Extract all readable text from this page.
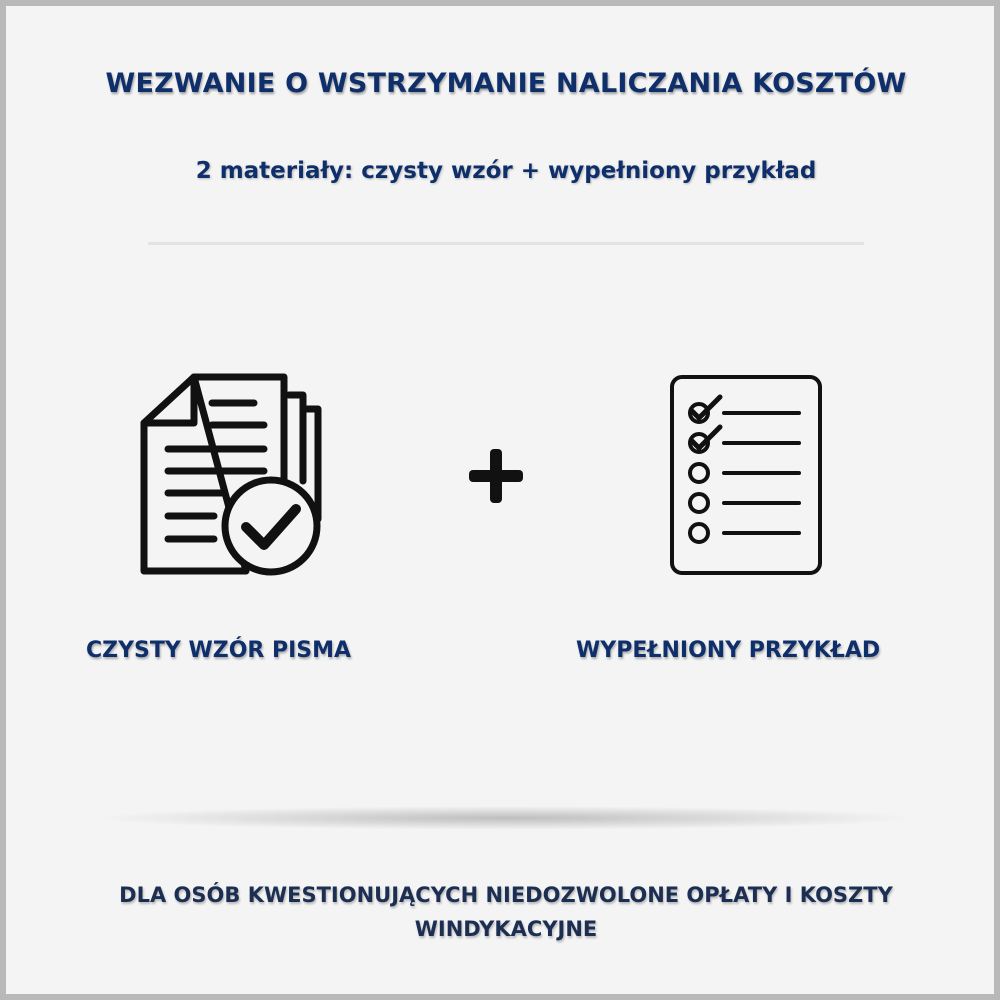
WEZWANIE O WSTRZYMANIE NALICZANIA KOSZTÓW
2 materiały: czysty wzór + wypełniony przykład
CZYSTY WZÓR PISMA	WYPEŁNIONY PRZYKŁAD

DLA OSÓB KWESTIONUJĄCYCH NIEDOZWOLONE OPŁATY I KOSZTY WINDYKACYJNE
